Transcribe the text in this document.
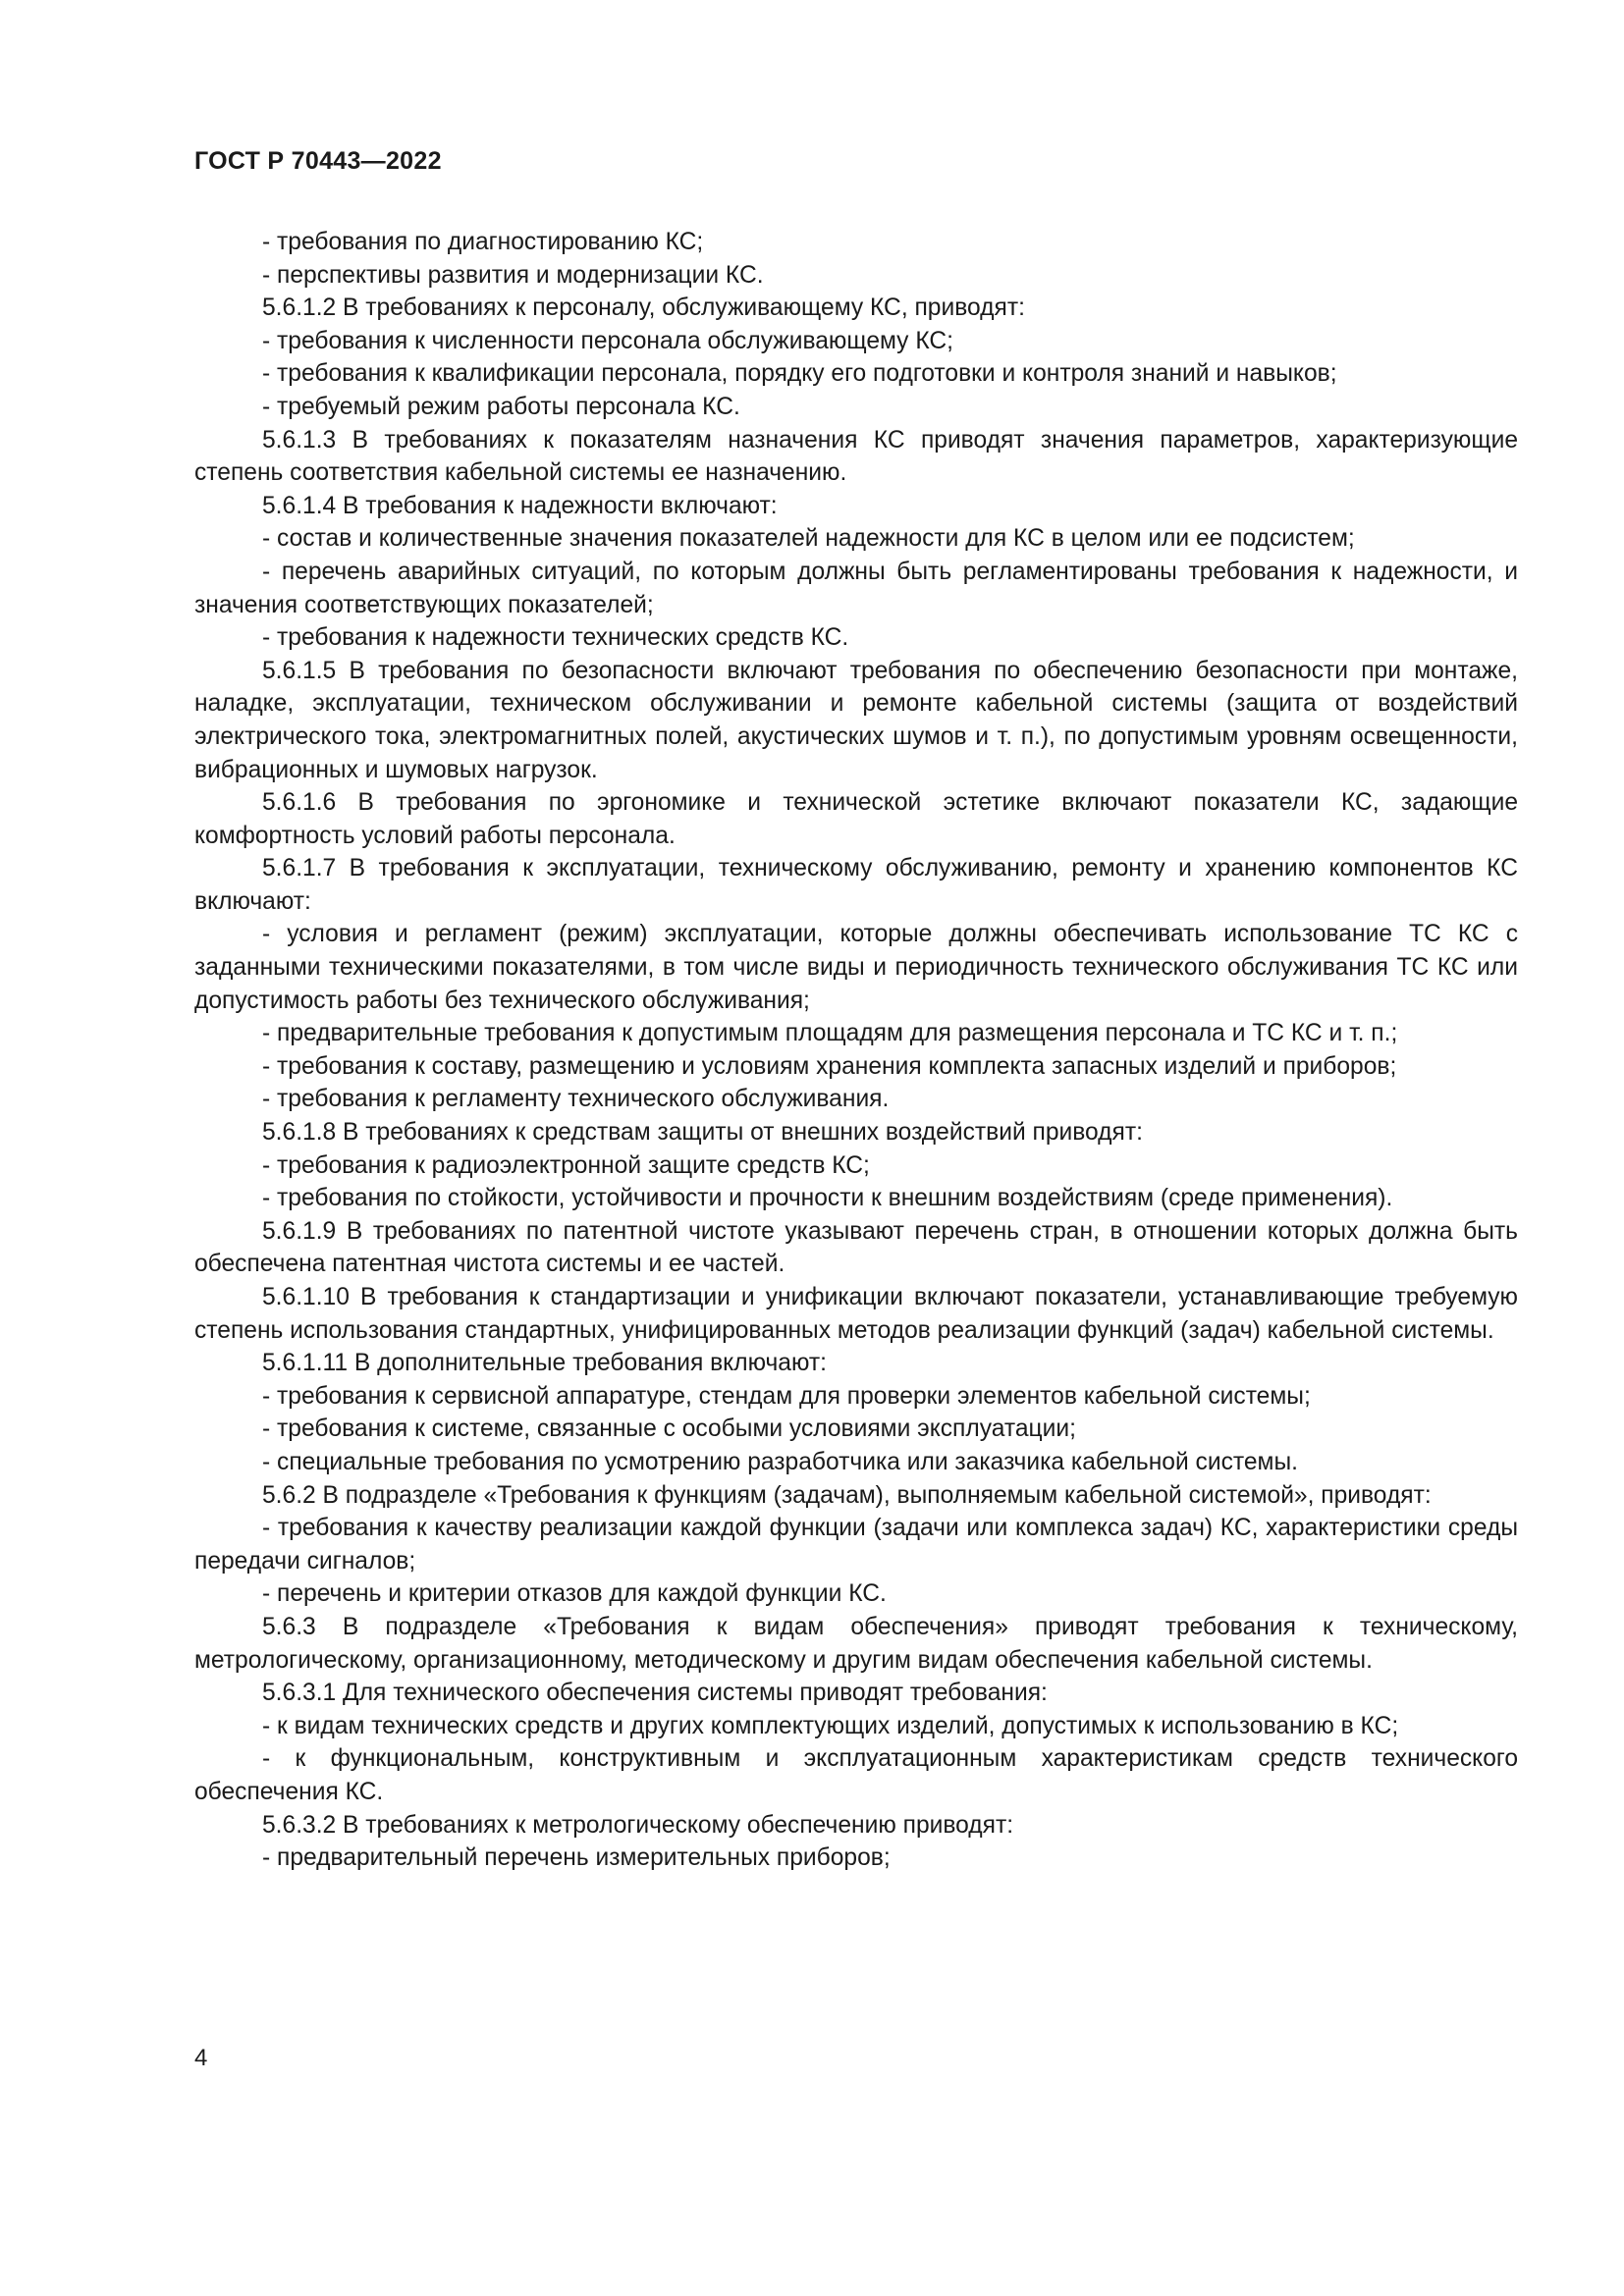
ГОСТ Р 70443—2022

- требования по диагностированию КС;

- перспективы развития и модернизации КС.

5.6.1.2 В требованиях к персоналу, обслуживающему КС, приводят:

- требования к численности персонала обслуживающему КС;

- требования к квалификации персонала, порядку его подготовки и контроля знаний и навыков;

- требуемый режим работы персонала КС.

5.6.1.3 В требованиях к показателям назначения КС приводят значения параметров, характеризующие степень соответствия кабельной системы ее назначению.

5.6.1.4 В требования к надежности включают:

- состав и количественные значения показателей надежности для КС в целом или ее подсистем;

- перечень аварийных ситуаций, по которым должны быть регламентированы требования к надежности, и значения соответствующих показателей;

- требования к надежности технических средств КС.

5.6.1.5 В требования по безопасности включают требования по обеспечению безопасности при монтаже, наладке, эксплуатации, техническом обслуживании и ремонте кабельной системы (защита от воздействий электрического тока, электромагнитных полей, акустических шумов и т. п.), по допустимым уровням освещенности, вибрационных и шумовых нагрузок.

5.6.1.6 В требования по эргономике и технической эстетике включают показатели КС, задающие комфортность условий работы персонала.

5.6.1.7 В требования к эксплуатации, техническому обслуживанию, ремонту и хранению компонентов КС включают:

- условия и регламент (режим) эксплуатации, которые должны обеспечивать использование ТС КС с заданными техническими показателями, в том числе виды и периодичность технического обслуживания ТС КС или допустимость работы без технического обслуживания;

- предварительные требования к допустимым площадям для размещения персонала и ТС КС и т. п.;

- требования к составу, размещению и условиям хранения комплекта запасных изделий и приборов;

- требования к регламенту технического обслуживания.

5.6.1.8 В требованиях к средствам защиты от внешних воздействий приводят:

- требования к радиоэлектронной защите средств КС;

- требования по стойкости, устойчивости и прочности к внешним воздействиям (среде применения).

5.6.1.9 В требованиях по патентной чистоте указывают перечень стран, в отношении которых должна быть обеспечена патентная чистота системы и ее частей.

5.6.1.10 В требования к стандартизации и унификации включают показатели, устанавливающие требуемую степень использования стандартных, унифицированных методов реализации функций (задач) кабельной системы.

5.6.1.11 В дополнительные требования включают:

- требования к сервисной аппаратуре, стендам для проверки элементов кабельной системы;

- требования к системе, связанные с особыми условиями эксплуатации;

- специальные требования по усмотрению разработчика или заказчика кабельной системы.

5.6.2 В подразделе «Требования к функциям (задачам), выполняемым кабельной системой», приводят:

- требования к качеству реализации каждой функции (задачи или комплекса задач) КС, характеристики среды передачи сигналов;

- перечень и критерии отказов для каждой функции КС.

5.6.3 В подразделе «Требования к видам обеспечения» приводят требования к техническому, метрологическому, организационному, методическому и другим видам обеспечения кабельной системы.

5.6.3.1 Для технического обеспечения системы приводят требования:

- к видам технических средств и других комплектующих изделий, допустимых к использованию в КС;

- к функциональным, конструктивным и эксплуатационным характеристикам средств технического обеспечения КС.

5.6.3.2 В требованиях к метрологическому обеспечению приводят:

- предварительный перечень измерительных приборов;

4
